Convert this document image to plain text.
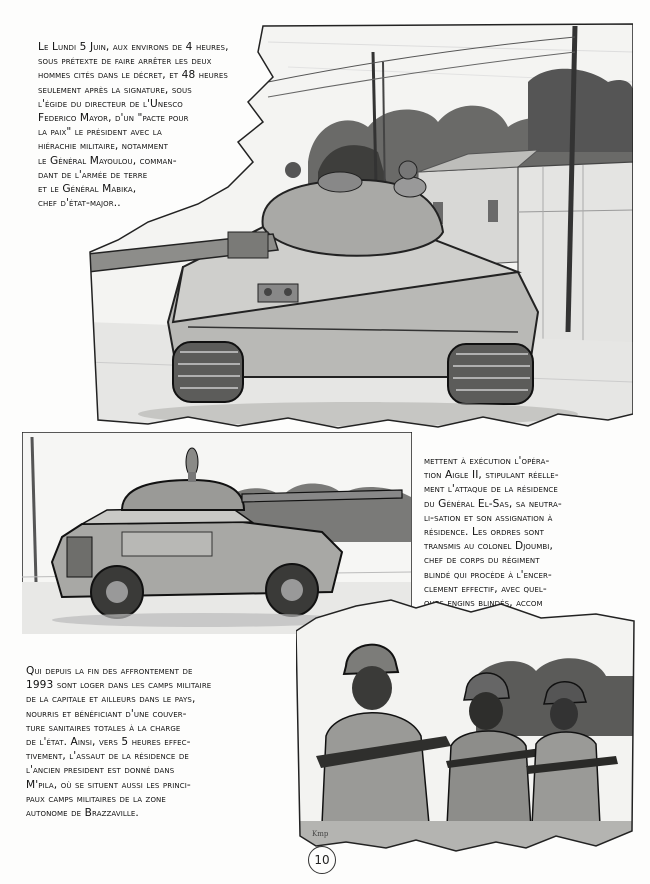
Le Lundi 5 Juin, aux environs de 4 heures,

sous prétexte de faire arrêter les deux

hommes cités dans le décret, et 48 heures

seulement après la signature, sous

l'égide du directeur de l'Unesco

Federico Mayor, d'un "pacte pour

la paix" le président avec la

hiérachie militaire, notamment

le Général Mayoulou, comman-

dant de l'armée de terre

et le Général Mabika,

chef d'état-major..

mettent à exécution l'opéra-

tion Aigle II, stipulant réelle-

ment l'attaque de la résidence

du Général El-Sas, sa neutra-

li-sation et son assignation à

résidence. Les ordres sont

transmis au colonel Djoumbi,

chef de corps du régiment

blindé qui procède à l'encer-

clement effectif, avec quel-

ques engins blindés, accom

Kmp

Qui depuis la fin des affrontement de

1993 sont loger dans les camps militaire

de la capitale et ailleurs dans le pays,

nourris et bénéficiant d'une couver-

ture sanitaires totales à la charge

de l'état. Ainsi, vers 5 heures effec-

tivement, l'assaut de la résidence de

l'ancien president est donné dans

M'pila, où se situent aussi les princi-

paux camps militaires de la zone

autonome de Brazzaville.

10
